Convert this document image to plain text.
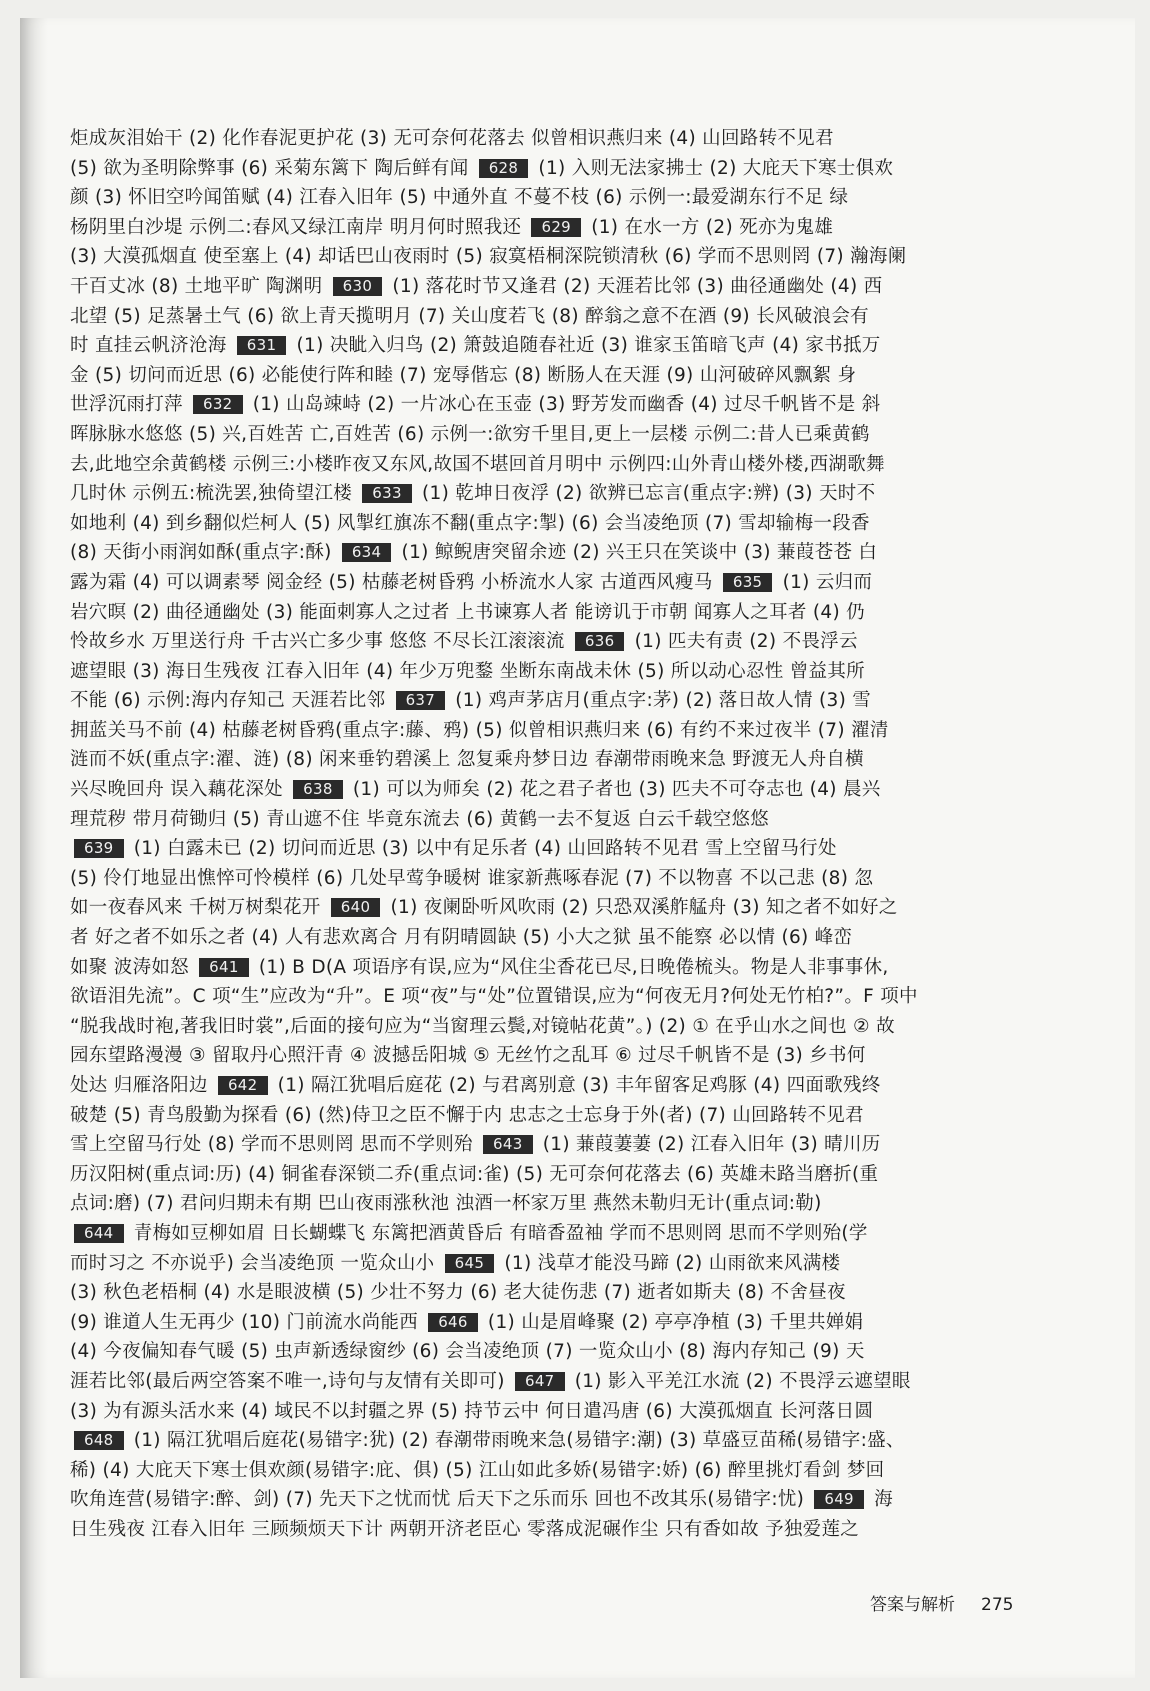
炬成灰泪始干 (2) 化作春泥更护花 (3) 无可奈何花落去 似曾相识燕归来 (4) 山回路转不见君
(5) 欲为圣明除弊事 (6) 采菊东篱下 陶后鲜有闻 628 (1) 入则无法家拂士 (2) 大庇天下寒士俱欢
颜 (3) 怀旧空吟闻笛赋 (4) 江春入旧年 (5) 中通外直 不蔓不枝 (6) 示例一:最爱湖东行不足 绿
杨阴里白沙堤 示例二:春风又绿江南岸 明月何时照我还 629 (1) 在水一方 (2) 死亦为鬼雄
(3) 大漠孤烟直 使至塞上 (4) 却话巴山夜雨时 (5) 寂寞梧桐深院锁清秋 (6) 学而不思则罔 (7) 瀚海阑
干百丈冰 (8) 土地平旷 陶渊明 630 (1) 落花时节又逢君 (2) 天涯若比邻 (3) 曲径通幽处 (4) 西
北望 (5) 足蒸暑土气 (6) 欲上青天揽明月 (7) 关山度若飞 (8) 醉翁之意不在酒 (9) 长风破浪会有
时 直挂云帆济沧海 631 (1) 决眦入归鸟 (2) 箫鼓追随春社近 (3) 谁家玉笛暗飞声 (4) 家书抵万
金 (5) 切问而近思 (6) 必能使行阵和睦 (7) 宠辱偕忘 (8) 断肠人在天涯 (9) 山河破碎风飘絮 身
世浮沉雨打萍 632 (1) 山岛竦峙 (2) 一片冰心在玉壶 (3) 野芳发而幽香 (4) 过尽千帆皆不是 斜
晖脉脉水悠悠 (5) 兴,百姓苦 亡,百姓苦 (6) 示例一:欲穷千里目,更上一层楼 示例二:昔人已乘黄鹤
去,此地空余黄鹤楼 示例三:小楼昨夜又东风,故国不堪回首月明中 示例四:山外青山楼外楼,西湖歌舞
几时休 示例五:梳洗罢,独倚望江楼 633 (1) 乾坤日夜浮 (2) 欲辨已忘言(重点字:辨) (3) 天时不
如地利 (4) 到乡翻似烂柯人 (5) 风掣红旗冻不翻(重点字:掣) (6) 会当凌绝顶 (7) 雪却输梅一段香
(8) 天街小雨润如酥(重点字:酥) 634 (1) 鲸鲵唐突留余迹 (2) 兴王只在笑谈中 (3) 蒹葭苍苍 白
露为霜 (4) 可以调素琴 阅金经 (5) 枯藤老树昏鸦 小桥流水人家 古道西风瘦马 635 (1) 云归而
岩穴暝 (2) 曲径通幽处 (3) 能面刺寡人之过者 上书谏寡人者 能谤讥于市朝 闻寡人之耳者 (4) 仍
怜故乡水 万里送行舟 千古兴亡多少事 悠悠 不尽长江滚滚流 636 (1) 匹夫有责 (2) 不畏浮云
遮望眼 (3) 海日生残夜 江春入旧年 (4) 年少万兜鍪 坐断东南战未休 (5) 所以动心忍性 曾益其所
不能 (6) 示例:海内存知己 天涯若比邻 637 (1) 鸡声茅店月(重点字:茅) (2) 落日故人情 (3) 雪
拥蓝关马不前 (4) 枯藤老树昏鸦(重点字:藤、鸦) (5) 似曾相识燕归来 (6) 有约不来过夜半 (7) 濯清
涟而不妖(重点字:濯、涟) (8) 闲来垂钓碧溪上 忽复乘舟梦日边 春潮带雨晚来急 野渡无人舟自横
兴尽晚回舟 误入藕花深处 638 (1) 可以为师矣 (2) 花之君子者也 (3) 匹夫不可夺志也 (4) 晨兴
理荒秽 带月荷锄归 (5) 青山遮不住 毕竟东流去 (6) 黄鹤一去不复返 白云千载空悠悠
639 (1) 白露未已 (2) 切问而近思 (3) 以中有足乐者 (4) 山回路转不见君 雪上空留马行处
(5) 伶仃地显出憔悴可怜模样 (6) 几处早莺争暖树 谁家新燕啄春泥 (7) 不以物喜 不以己悲 (8) 忽
如一夜春风来 千树万树梨花开 640 (1) 夜阑卧听风吹雨 (2) 只恐双溪舴艋舟 (3) 知之者不如好之
者 好之者不如乐之者 (4) 人有悲欢离合 月有阴晴圆缺 (5) 小大之狱 虽不能察 必以情 (6) 峰峦
如聚 波涛如怒 641 (1) B D(A 项语序有误,应为“风住尘香花已尽,日晚倦梳头。物是人非事事休,
欲语泪先流”。C 项“生”应改为“升”。E 项“夜”与“处”位置错误,应为“何夜无月?何处无竹柏?”。F 项中
“脱我战时袍,著我旧时裳”,后面的接句应为“当窗理云鬓,对镜帖花黄”。) (2) ① 在乎山水之间也 ② 故
园东望路漫漫 ③ 留取丹心照汗青 ④ 波撼岳阳城 ⑤ 无丝竹之乱耳 ⑥ 过尽千帆皆不是 (3) 乡书何
处达 归雁洛阳边 642 (1) 隔江犹唱后庭花 (2) 与君离别意 (3) 丰年留客足鸡豚 (4) 四面歌残终
破楚 (5) 青鸟殷勤为探看 (6) (然)侍卫之臣不懈于内 忠志之士忘身于外(者) (7) 山回路转不见君
雪上空留马行处 (8) 学而不思则罔 思而不学则殆 643 (1) 蒹葭萋萋 (2) 江春入旧年 (3) 晴川历
历汉阳树(重点词:历) (4) 铜雀春深锁二乔(重点词:雀) (5) 无可奈何花落去 (6) 英雄未路当磨折(重
点词:磨) (7) 君问归期未有期 巴山夜雨涨秋池 浊酒一杯家万里 燕然未勒归无计(重点词:勒)
644 青梅如豆柳如眉 日长蝴蝶飞 东篱把酒黄昏后 有暗香盈袖 学而不思则罔 思而不学则殆(学
而时习之 不亦说乎) 会当凌绝顶 一览众山小 645 (1) 浅草才能没马蹄 (2) 山雨欲来风满楼
(3) 秋色老梧桐 (4) 水是眼波横 (5) 少壮不努力 (6) 老大徒伤悲 (7) 逝者如斯夫 (8) 不舍昼夜
(9) 谁道人生无再少 (10) 门前流水尚能西 646 (1) 山是眉峰聚 (2) 亭亭净植 (3) 千里共婵娟
(4) 今夜偏知春气暖 (5) 虫声新透绿窗纱 (6) 会当凌绝顶 (7) 一览众山小 (8) 海内存知己 (9) 天
涯若比邻(最后两空答案不唯一,诗句与友情有关即可) 647 (1) 影入平羌江水流 (2) 不畏浮云遮望眼
(3) 为有源头活水来 (4) 域民不以封疆之界 (5) 持节云中 何日遣冯唐 (6) 大漠孤烟直 长河落日圆
648 (1) 隔江犹唱后庭花(易错字:犹) (2) 春潮带雨晚来急(易错字:潮) (3) 草盛豆苗稀(易错字:盛、
稀) (4) 大庇天下寒士俱欢颜(易错字:庇、俱) (5) 江山如此多娇(易错字:娇) (6) 醉里挑灯看剑 梦回
吹角连营(易错字:醉、剑) (7) 先天下之忧而忧 后天下之乐而乐 回也不改其乐(易错字:忧) 649 海
日生残夜 江春入旧年 三顾频烦天下计 两朝开济老臣心 零落成泥碾作尘 只有香如故 予独爱莲之
答案与解析 275
